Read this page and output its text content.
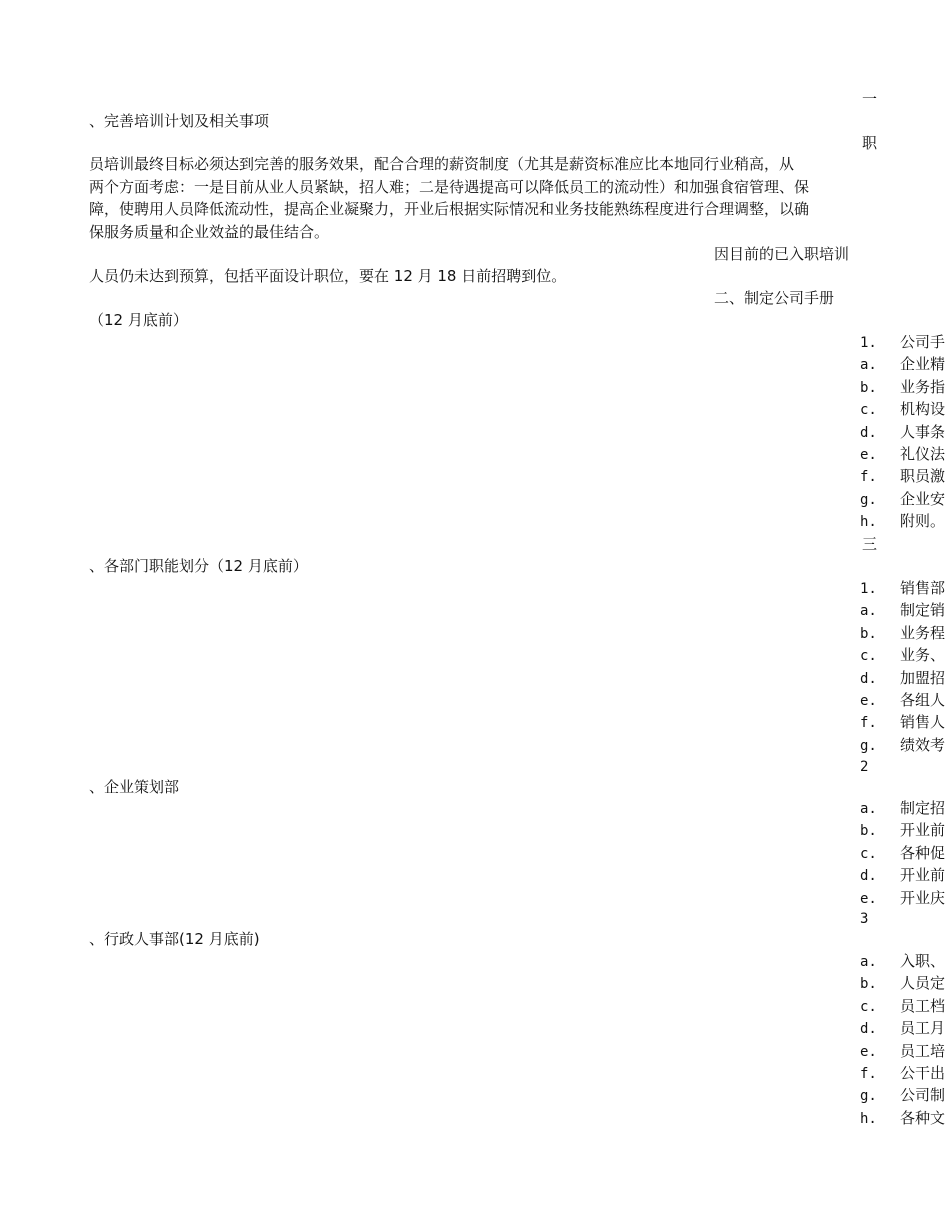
、完善培训计划及相关事项
员培训最终目标必须达到完善的服务效果，配合合理的薪资制度（尤其是薪资标准应比本地同行业稍高，从
两个方面考虑：一是目前从业人员紧缺，招人难；二是待遇提高可以降低员工的流动性）和加强食宿管理、保
障，使聘用人员降低流动性，提高企业凝聚力，开业后根据实际情况和业务技能熟练程度进行合理调整，以确
保服务质量和企业效益的最佳结合。
人员仍未达到预算，包括平面设计职位，要在 12 月 18 日前招聘到位。
（12 月底前）
、各部门职能划分（12 月底前）
、企业策划部
、行政人事部(12 月底前)
一
职
因目前的已入职培训
二、制定公司手册
1. 公司手
a. 企业精
b. 业务指
c. 机构设
d. 人事条
e. 礼仪法
f. 职员激
g. 企业安
h. 附则。
三
1. 销售部
a. 制定销
b. 业务程
c. 业务、
d. 加盟招
e. 各组人
f. 销售人
g. 绩效考
2
a. 制定招
b. 开业前
c. 各种促
d. 开业前
e. 开业庆
3
a. 入职、
b. 人员定
c. 员工档
d. 员工月
e. 员工培
f. 公干出
g. 公司制
h. 各种文
